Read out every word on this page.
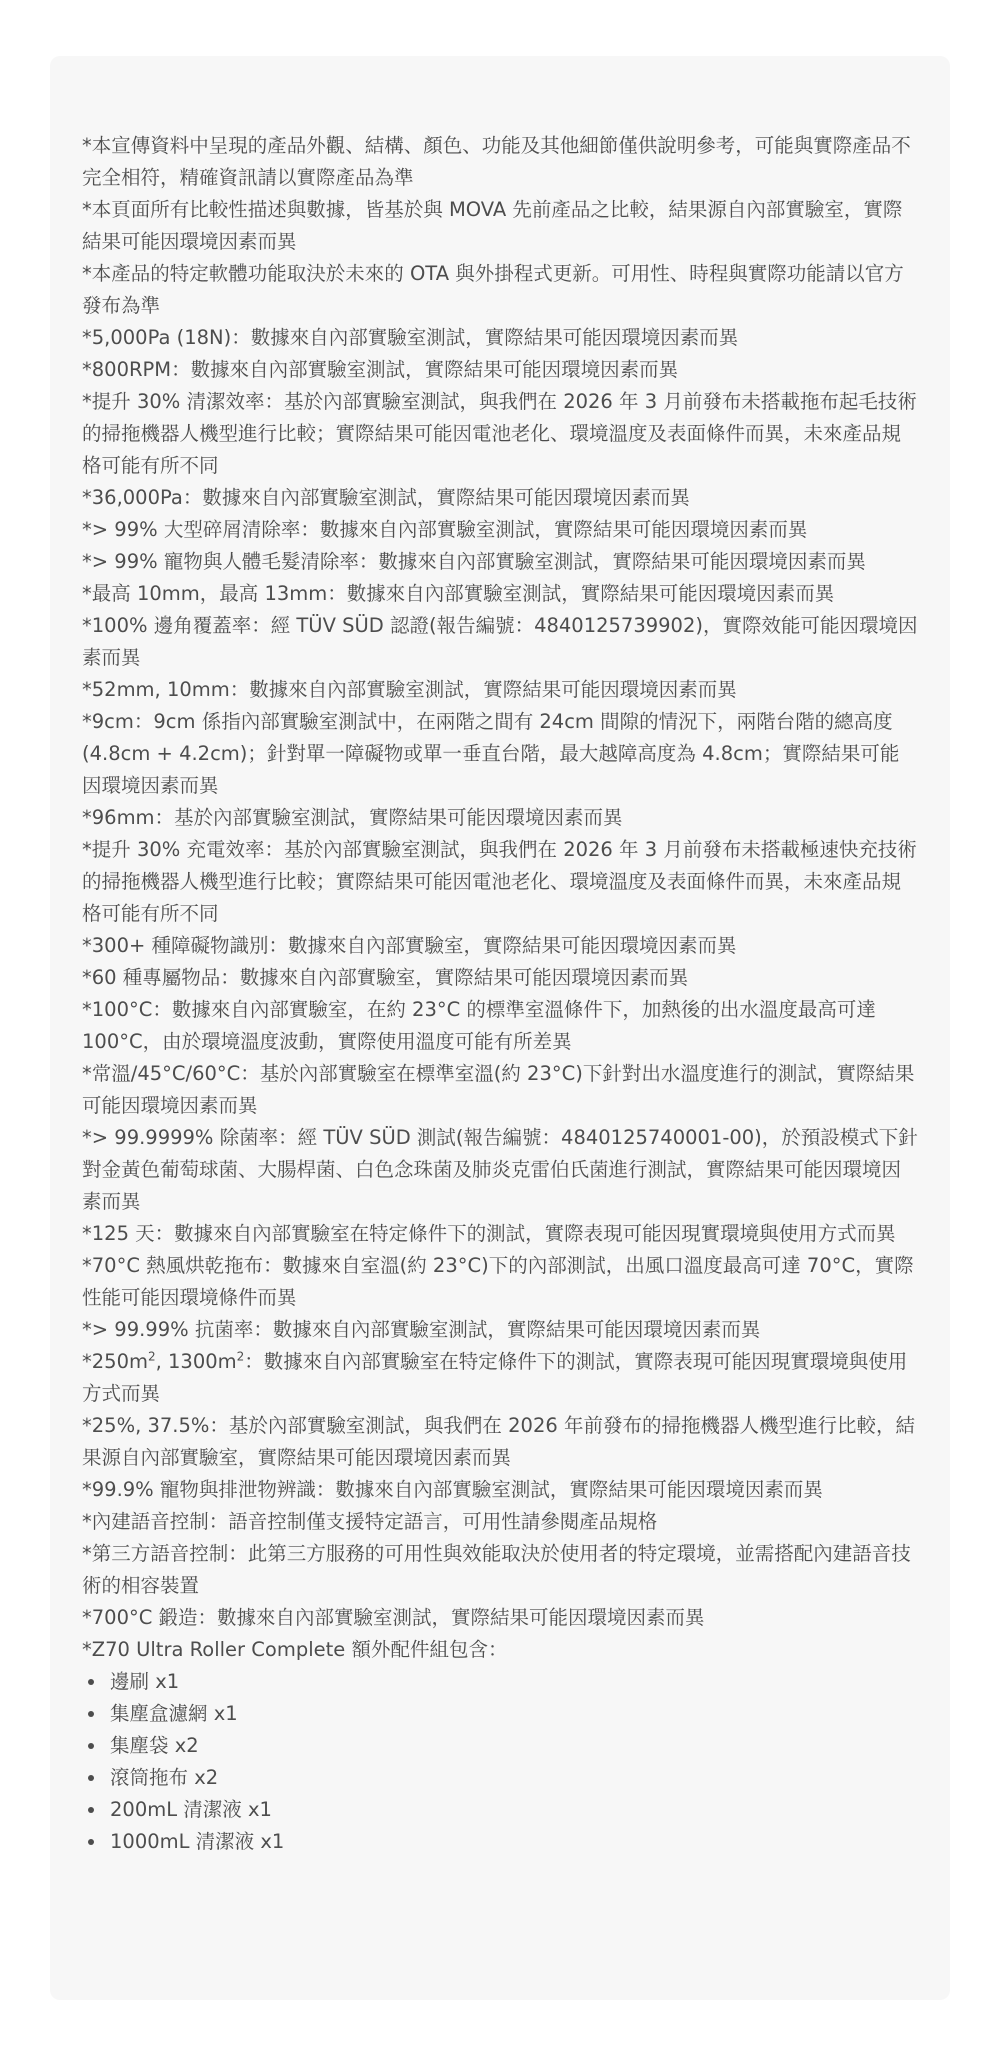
*本宣傳資料中呈現的產品外觀、結構、顏色、功能及其他細節僅供說明參考，可能與實際產品不完全相符，精確資訊請以實際產品為準

*本頁面所有比較性描述與數據，皆基於與 MOVA 先前產品之比較，結果源自內部實驗室，實際結果可能因環境因素而異

*本產品的特定軟體功能取決於未來的 OTA 與外掛程式更新。可用性、時程與實際功能請以官方發布為準

*5,000Pa (18N)：數據來自內部實驗室測試，實際結果可能因環境因素而異

*800RPM：數據來自內部實驗室測試，實際結果可能因環境因素而異

*提升 30% 清潔效率：基於內部實驗室測試，與我們在 2026 年 3 月前發布未搭載拖布起毛技術的掃拖機器人機型進行比較；實際結果可能因電池老化、環境溫度及表面條件而異，未來產品規格可能有所不同

*36,000Pa：數據來自內部實驗室測試，實際結果可能因環境因素而異

*> 99% 大型碎屑清除率：數據來自內部實驗室測試，實際結果可能因環境因素而異

*> 99% 寵物與人體毛髮清除率：數據來自內部實驗室測試，實際結果可能因環境因素而異

*最高 10mm，最高 13mm：數據來自內部實驗室測試，實際結果可能因環境因素而異

*100% 邊角覆蓋率：經 TÜV SÜD 認證(報告編號：4840125739902)，實際效能可能因環境因素而異

*52mm, 10mm：數據來自內部實驗室測試，實際結果可能因環境因素而異

*9cm：9cm 係指內部實驗室測試中，在兩階之間有 24cm 間隙的情況下，兩階台階的總高度(4.8cm + 4.2cm)；針對單一障礙物或單一垂直台階，最大越障高度為 4.8cm；實際結果可能因環境因素而異

*96mm：基於內部實驗室測試，實際結果可能因環境因素而異

*提升 30% 充電效率：基於內部實驗室測試，與我們在 2026 年 3 月前發布未搭載極速快充技術的掃拖機器人機型進行比較；實際結果可能因電池老化、環境溫度及表面條件而異，未來產品規格可能有所不同

*300+ 種障礙物識別：數據來自內部實驗室，實際結果可能因環境因素而異

*60 種專屬物品：數據來自內部實驗室，實際結果可能因環境因素而異

*100°C：數據來自內部實驗室，在約 23°C 的標準室溫條件下，加熱後的出水溫度最高可達 100°C，由於環境溫度波動，實際使用溫度可能有所差異

*常溫/45°C/60°C：基於內部實驗室在標準室溫(約 23°C)下針對出水溫度進行的測試，實際結果可能因環境因素而異

*> 99.9999% 除菌率：經 TÜV SÜD 測試(報告編號：4840125740001-00)，於預設模式下針對金黃色葡萄球菌、大腸桿菌、白色念珠菌及肺炎克雷伯氏菌進行測試，實際結果可能因環境因素而異

*125 天：數據來自內部實驗室在特定條件下的測試，實際表現可能因現實環境與使用方式而異

*70°C 熱風烘乾拖布：數據來自室溫(約 23°C)下的內部測試，出風口溫度最高可達 70°C，實際性能可能因環境條件而異

*> 99.99% 抗菌率：數據來自內部實驗室測試，實際結果可能因環境因素而異

$*250m^2$, $1300m^2$：數據來自內部實驗室在特定條件下的測試，實際表現可能因現實環境與使用方式而異

*25%, 37.5%：基於內部實驗室測試，與我們在 2026 年前發布的掃拖機器人機型進行比較，結果源自內部實驗室，實際結果可能因環境因素而異

*99.9% 寵物與排泄物辨識：數據來自內部實驗室測試，實際結果可能因環境因素而異

*內建語音控制：語音控制僅支援特定語言，可用性請參閱產品規格

*第三方語音控制：此第三方服務的可用性與效能取決於使用者的特定環境，並需搭配內建語音技術的相容裝置

*700°C 鍛造：數據來自內部實驗室測試，實際結果可能因環境因素而異

*Z70 Ultra Roller Complete 額外配件組包含：

邊刷 x1
集塵盒濾網 x1
集塵袋 x2
滾筒拖布 x2
200mL 清潔液 x1
1000mL 清潔液 x1
